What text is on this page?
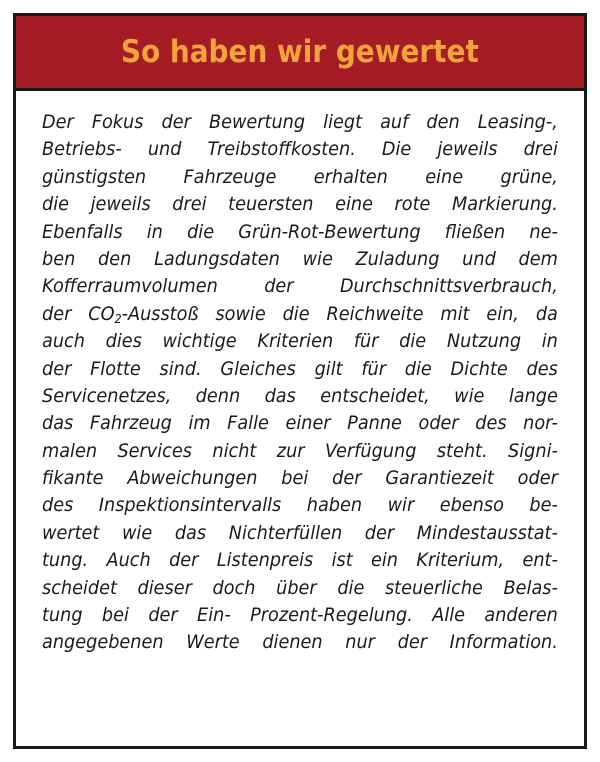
So haben wir gewertet
Der Fokus der Bewertung liegt auf den Leasing-,
Betriebs- und Treibstoffkosten. Die jeweils drei
günstigsten Fahrzeuge erhalten eine grüne,
die jeweils drei teuersten eine rote Markierung.
Ebenfalls in die Grün-Rot-Bewertung fließen ne-
ben den Ladungsdaten wie Zuladung und dem
Kofferraumvolumen der Durchschnittsverbrauch,
der $CO_2$-Ausstoß sowie die Reichweite mit ein, da
auch dies wichtige Kriterien für die Nutzung in
der Flotte sind. Gleiches gilt für die Dichte des
Servicenetzes, denn das entscheidet, wie lange
das Fahrzeug im Falle einer Panne oder des nor-
malen Services nicht zur Verfügung steht. Signi-
fikante Abweichungen bei der Garantiezeit oder
des Inspektionsintervalls haben wir ebenso be-
wertet wie das Nichterfüllen der Mindestausstat-
tung. Auch der Listenpreis ist ein Kriterium, ent-
scheidet dieser doch über die steuerliche Belas-
tung bei der Ein- Prozent-Regelung. Alle anderen
angegebenen Werte dienen nur der Information.
